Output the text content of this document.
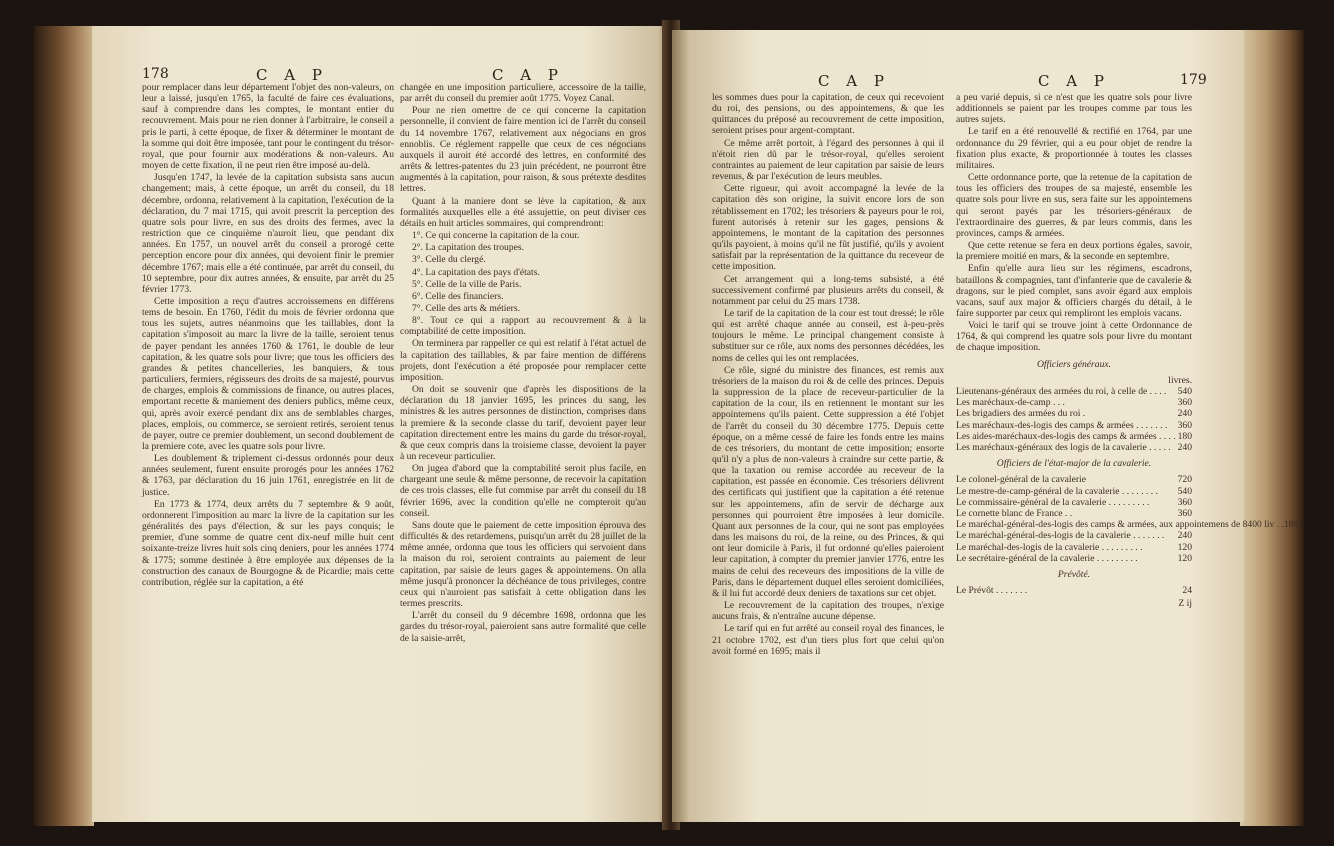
178	C A P	C A P

pour remplacer dans leur département l'objet des non-valeurs, on leur a laissé, jusqu'en 1765, la faculté de faire ces évaluations, sauf à comprendre dans les comptes, le montant entier du recouvrement. Mais pour ne rien donner à l'arbitraire, le conseil a pris le parti, à cette époque, de fixer & déterminer le montant de la somme qui doit être imposée, tant pour le contingent du trésor-royal, que pour fournir aux modérations & non-valeurs. Au moyen de cette fixation, il ne peut rien être imposé au-delà.

Jusqu'en 1747, la levée de la capitation subsista sans aucun changement; mais, à cette époque, un arrêt du conseil, du 18 décembre, ordonna, relativement à la capitation, l'exécution de la déclaration, du 7 mai 1715, qui avoit prescrit la perception des quatre sols pour livre, en sus des droits des fermes, avec la restriction que ce cinquième n'auroit lieu, que pendant dix années. En 1757, un nouvel arrêt du conseil a prorogé cette perception encore pour dix années, qui devoient finir le premier décembre 1767; mais elle a été continuée, par arrêt du conseil, du 10 septembre, pour dix autres années, & ensuite, par arrêt du 25 février 1773.

Cette imposition a reçu d'autres accroissemens en différens tems de besoin. En 1760, l'édit du mois de février ordonna que tous les sujets, autres néanmoins que les taillables, dont la capitation s'imposoit au marc la livre de la taille, seroient tenus de payer pendant les années 1760 & 1761, le double de leur capitation, & les quatre sols pour livre; que tous les officiers des grandes & petites chancelleries, les banquiers, & tous particuliers, fermiers, régisseurs des droits de sa majesté, pourvus de charges, emplois & commissions de finance, ou autres places, emportant recette & maniement des deniers publics, même ceux, qui, après avoir exercé pendant dix ans de semblables charges, places, emplois, ou commerce, se seroient retirés, seroient tenus de payer, outre ce premier doublement, un second doublement de la premiere cote, avec les quatre sols pour livre.

Les doublement & triplement ci-dessus ordonnés pour deux années seulement, furent ensuite prorogés pour les années 1762 & 1763, par déclaration du 16 juin 1761, enregistrée en lit de justice.

En 1773 & 1774, deux arrêts du 7 septembre & 9 août, ordonnerent l'imposition au marc la livre de la capitation sur les généralités des pays d'élection, & sur les pays conquis; le premier, d'une somme de quatre cent dix-neuf mille huit cent soixante-treize livres huit sols cinq deniers, pour les années 1774 & 1775; somme destinée à être employée aux dépenses de la construction des canaux de Bourgogne & de Picardie; mais cette contribution, réglée sur la capitation, a été

changée en une imposition particuliere, accessoire de la taille, par arrêt du conseil du premier août 1775. Voyez Canal.

Pour ne rien omettre de ce qui concerne la capitation personnelle, il convient de faire mention ici de l'arrêt du conseil du 14 novembre 1767, relativement aux négocians en gros ennoblis. Ce réglement rappelle que ceux de ces négocians auxquels il auroit été accordé des lettres, en conformité des arrêts & lettres-patentes du 23 juin précédent, ne pourront être augmentés à la capitation, pour raison, & sous prétexte desdites lettres.

Quant à la maniere dont se lève la capitation, & aux formalités auxquelles elle a été assujettie, on peut diviser ces détails en huit articles sommaires, qui comprendront:

1°. Ce qui concerne la capitation de la cour.

2°. La capitation des troupes.

3°. Celle du clergé.

4°. La capitation des pays d'états.

5°. Celle de la ville de Paris.

6°. Celle des financiers.

7°. Celle des arts & métiers.

8°. Tout ce qui a rapport au recouvrement & à la comptabilité de cette imposition.

On terminera par rappeller ce qui est relatif à l'état actuel de la capitation des taillables, & par faire mention de différens projets, dont l'exécution a été proposée pour remplacer cette imposition.

On doit se souvenir que d'après les dispositions de la déclaration du 18 janvier 1695, les princes du sang, les ministres & les autres personnes de distinction, comprises dans la premiere & la seconde classe du tarif, devoient payer leur capitation directement entre les mains du garde du trésor-royal, & que ceux compris dans la troisieme classe, devoient la payer à un receveur particulier.

On jugea d'abord que la comptabilité seroit plus facile, en chargeant une seule & même personne, de recevoir la capitation de ces trois classes, elle fut commise par arrêt du conseil du 18 février 1696, avec la condition qu'elle ne compteroit qu'au conseil.

Sans doute que le paiement de cette imposition éprouva des difficultés & des retardemens, puisqu'un arrêt du 28 juillet de la même année, ordonna que tous les officiers qui servoient dans la maison du roi, seroient contraints au paiement de leur capitation, par saisie de leurs gages & appointemens. On alla même jusqu'à prononcer la déchéance de tous privileges, contre ceux qui n'auroient pas satisfait à cette obligation dans les termes prescrits.

L'arrêt du conseil du 9 décembre 1698, ordonna que les gardes du trésor-royal, paieroient sans autre formalité que celle de la saisie-arrêt,

C A P	C A P	179

les sommes dues pour la capitation, de ceux qui recevoient du roi, des pensions, ou des appointemens, & que les quittances du préposé au recouvrement de cette imposition, seroient prises pour argent-comptant.

Ce même arrêt portoit, à l'égard des personnes à qui il n'étoit rien dû par le trésor-royal, qu'elles seroient contraintes au paiement de leur capitation par saisie de leurs revenus, & par l'exécution de leurs meubles.

Cette rigueur, qui avoit accompagné la levée de la capitation dès son origine, la suivit encore lors de son rétablissement en 1702; les trésoriers & payeurs pour le roi, furent autorisés à retenir sur les gages, pensions & appointemens, le montant de la capitation des personnes qu'ils payoient, à moins qu'il ne fût justifié, qu'ils y avoient satisfait par la représentation de la quittance du receveur de cette imposition.

Cet arrangement qui a long-tems subsisté, a été successivement confirmé par plusieurs arrêts du conseil, & notamment par celui du 25 mars 1738.

Le tarif de la capitation de la cour est tout dressé; le rôle qui est arrêté chaque année au conseil, est à-peu-près toujours le même. Le principal changement consiste à substituer sur ce rôle, aux noms des personnes décédées, les noms de celles qui les ont remplacées.

Ce rôle, signé du ministre des finances, est remis aux trésoriers de la maison du roi & de celle des princes. Depuis la suppression de la place de receveur-particulier de la capitation de la cour, ils en retiennent le montant sur les appointemens qu'ils paient. Cette suppression a été l'objet de l'arrêt du conseil du 30 décembre 1775. Depuis cette époque, on a même cessé de faire les fonds entre les mains de ces trésoriers, du montant de cette imposition; ensorte qu'il n'y a plus de non-valeurs à craindre sur cette partie, & que la taxation ou remise accordée au receveur de la capitation, est passée en économie. Ces trésoriers délivrent des certificats qui justifient que la capitation a été retenue sur les appointemens, afin de servir de décharge aux personnes qui pourroient être imposées à leur domicile. Quant aux personnes de la cour, qui ne sont pas employées dans les maisons du roi, de la reine, ou des Princes, & qui ont leur domicile à Paris, il fut ordonné qu'elles paieroient leur capitation, à compter du premier janvier 1776, entre les mains de celui des receveurs des impositions de la ville de Paris, dans le département duquel elles seroient domiciliées, & il lui fut accordé deux deniers de taxations sur cet objet.

Le recouvrement de la capitation des troupes, n'exige aucuns frais, & n'entraîne aucune dépense.

Le tarif qui en fut arrêté au conseil royal des finances, le 21 octobre 1702, est d'un tiers plus fort que celui qu'on avoit formé en 1695; mais il

a peu varié depuis, si ce n'est que les quatre sols pour livre additionnels se paient par les troupes comme par tous les autres sujets.

Le tarif en a été renouvellé & rectifié en 1764, par une ordonnance du 29 février, qui a eu pour objet de rendre la fixation plus exacte, & proportionnée à toutes les classes militaires.

Cette ordonnance porte, que la retenue de la capitation de tous les officiers des troupes de sa majesté, ensemble les quatre sols pour livre en sus, sera faite sur les appointemens qui seront payés par les trésoriers-généraux de l'extraordinaire des guerres, & par leurs commis, dans les provinces, camps & armées.

Que cette retenue se fera en deux portions égales, savoir, la premiere moitié en mars, & la seconde en septembre.

Enfin qu'elle aura lieu sur les régimens, escadrons, bataillons & compagnies, tant d'infanterie que de cavalerie & dragons, sur le pied complet, sans avoir égard aux emplois vacans, sauf aux major & officiers chargés du détail, à le faire supporter par ceux qui rempliront les emplois vacans.

Voici le tarif qui se trouve joint à cette Ordonnance de 1764, & qui comprend les quatre sols pour livre du montant de chaque imposition.

Officiers généraux.
livres.
Lieutenans-généraux des armées du roi, à celle de . . . .	540
Les maréchaux-de-camp . . .	360
Les brigadiers des armées du roi .	240
Les maréchaux-des-logis des camps & armées . . . . . . .	360
Les aides-maréchaux-des-logis des camps & armées . . . . 180
Les maréchaux-généraux des logis de la cavalerie . . . . . 240
Officiers de l'état-major de la cavalerie.
Le colonel-général de la cavalerie	720
Le mestre-de-camp-général de la cavalerie . . . . . . . .	540
Le commissaire-général de la cavalerie . . . . . . . . .	360
Le cornette blanc de France . .	360
Le maréchal-général-des-logis des camps & armées, aux appointemens de 8400 liv . . 180
Le maréchal-général-des-logis de la cavalerie . . . . . . .	240
Le maréchal-des-logis de la cavalerie . . . . . . . . .	120
Le secrétaire-général de la cavalerie . . . . . . . . .	120
Prévôté.
Le Prévôt . . . . . . .	24
Z ij
